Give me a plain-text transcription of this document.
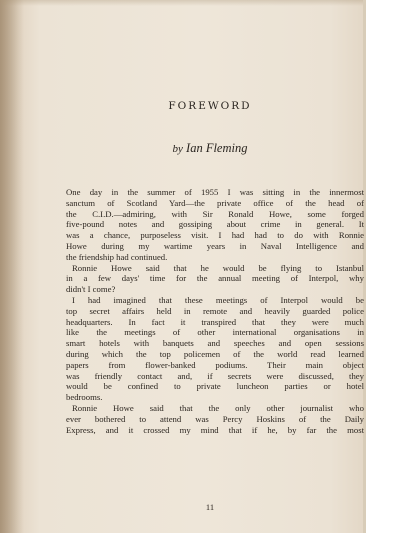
FOREWORD
by Ian Fleming
One day in the summer of 1955 I was sitting in the innermost
sanctum of Scotland Yard—the private office of the head of
the C.I.D.—admiring, with Sir Ronald Howe, some forged
five-pound notes and gossiping about crime in general. It
was a chance, purposeless visit. I had had to do with Ronnie
Howe during my wartime years in Naval Intelligence and
the friendship had continued.
Ronnie Howe said that he would be flying to Istanbul
in a few days' time for the annual meeting of Interpol, why
didn't I come?
I had imagined that these meetings of Interpol would be
top secret affairs held in remote and heavily guarded police
headquarters. In fact it transpired that they were much
like the meetings of other international organisations in
smart hotels with banquets and speeches and open sessions
during which the top policemen of the world read learned
papers from flower-banked podiums. Their main object
was friendly contact and, if secrets were discussed, they
would be confined to private luncheon parties or hotel
bedrooms.
Ronnie Howe said that the only other journalist who
ever bothered to attend was Percy Hoskins of the Daily
Express, and it crossed my mind that if he, by far the most
11
